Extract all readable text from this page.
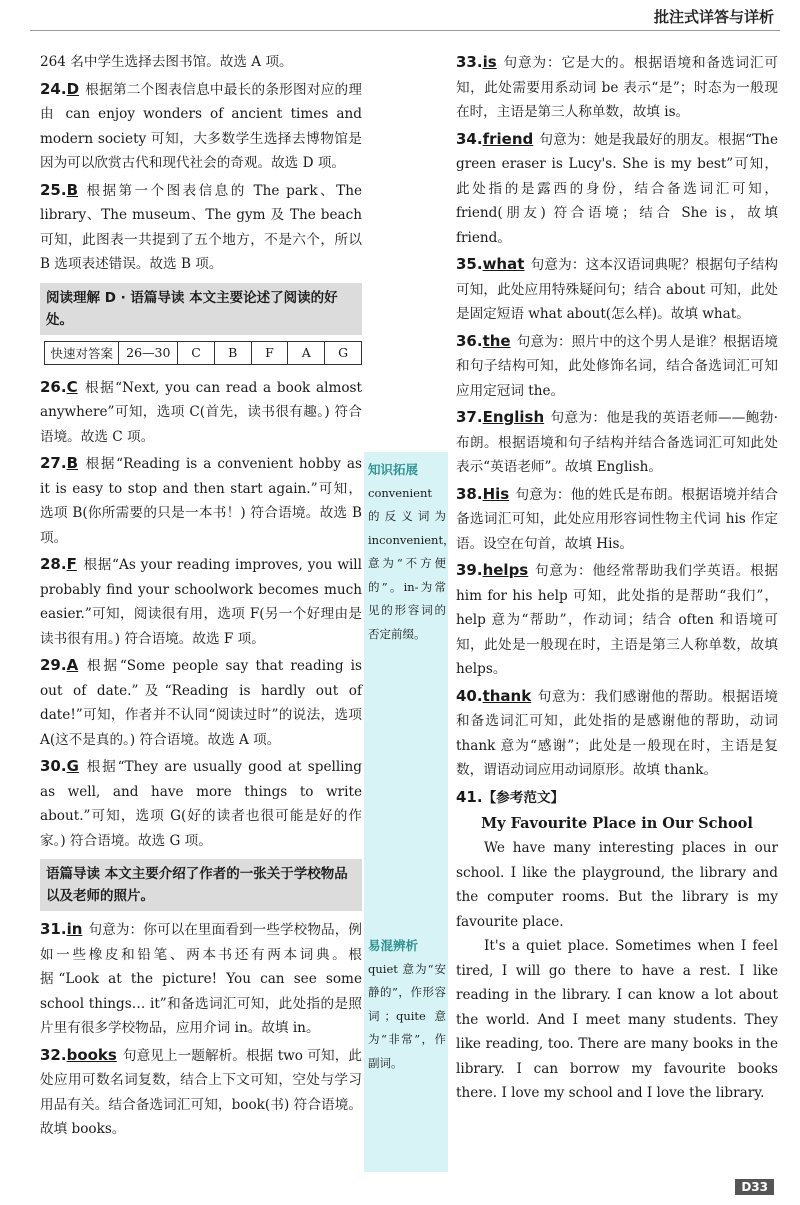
批注式详答与详析
264 名中学生选择去图书馆。故选 A 项。
24.D 根据第二个图表信息中最长的条形图对应的理由 can enjoy wonders of ancient times and modern society 可知，大多数学生选择去博物馆是因为可以欣赏古代和现代社会的奇观。故选 D 项。
25.B 根据第一个图表信息的 The park、The library、The museum、The gym 及 The beach 可知，此图表一共提到了五个地方，不是六个，所以 B 选项表述错误。故选 B 项。
阅读理解 D · 语篇导读 本文主要论述了阅读的好处。
快速对答案	26—30	C	B	F	A	G
26.C 根据“Next, you can read a book almost anywhere”可知，选项 C(首先，读书很有趣。) 符合语境。故选 C 项。
27.B 根据“Reading is a convenient hobby as it is easy to stop and then start again.”可知，选项 B(你所需要的只是一本书！) 符合语境。故选 B 项。
28.F 根据“As your reading improves, you will probably find your schoolwork becomes much easier.”可知，阅读很有用，选项 F(另一个好理由是读书很有用。) 符合语境。故选 F 项。
29.A 根据“Some people say that reading is out of date.”及“Reading is hardly out of date!”可知，作者并不认同“阅读过时”的说法，选项 A(这不是真的。) 符合语境。故选 A 项。
30.G 根据“They are usually good at spelling as well, and have more things to write about.”可知，选项 G(好的读者也很可能是好的作家。) 符合语境。故选 G 项。
语篇导读 本文主要介绍了作者的一张关于学校物品以及老师的照片。
31.in 句意为：你可以在里面看到一些学校物品，例如一些橡皮和铅笔、两本书还有两本词典。根据“Look at the picture! You can see some school things… it”和备选词汇可知，此处指的是照片里有很多学校物品，应用介词 in。故填 in。
32.books 句意见上一题解析。根据 two 可知，此处应用可数名词复数，结合上下文可知，空处与学习用品有关。结合备选词汇可知，book(书) 符合语境。故填 books。
知识拓展
convenient 的反义词为 inconvenient，意为“不方便的”。in-为常见的形容词的否定前缀。
易混辨析
quiet 意为“安静的”，作形容词；quite 意为“非常”，作副词。
33.is 句意为：它是大的。根据语境和备选词汇可知，此处需要用系动词 be 表示“是”；时态为一般现在时，主语是第三人称单数，故填 is。
34.friend 句意为：她是我最好的朋友。根据“The green eraser is Lucy's. She is my best”可知，此处指的是露西的身份，结合备选词汇可知，friend(朋友) 符合语境；结合 She is，故填 friend。
35.what 句意为：这本汉语词典呢？根据句子结构可知，此处应用特殊疑问句；结合 about 可知，此处是固定短语 what about(怎么样)。故填 what。
36.the 句意为：照片中的这个男人是谁？根据语境和句子结构可知，此处修饰名词，结合备选词汇可知应用定冠词 the。
37.English 句意为：他是我的英语老师——鲍勃·布朗。根据语境和句子结构并结合备选词汇可知此处表示“英语老师”。故填 English。
38.His 句意为：他的姓氏是布朗。根据语境并结合备选词汇可知，此处应用形容词性物主代词 his 作定语。设空在句首，故填 His。
39.helps 句意为：他经常帮助我们学英语。根据 him for his help 可知，此处指的是帮助“我们”，help 意为“帮助”，作动词；结合 often 和语境可知，此处是一般现在时，主语是第三人称单数，故填 helps。
40.thank 句意为：我们感谢他的帮助。根据语境和备选词汇可知，此处指的是感谢他的帮助，动词 thank 意为“感谢”；此处是一般现在时，主语是复数，谓语动词应用动词原形。故填 thank。
41.【参考范文】
My Favourite Place in Our School

We have many interesting places in our school. I like the playground, the library and the computer rooms. But the library is my favourite place.

It's a quiet place. Sometimes when I feel tired, I will go there to have a rest. I like reading in the library. I can know a lot about the world. And I meet many students. They like reading, too. There are many books in the library. I can borrow my favourite books there. I love my school and I love the library.

D33
